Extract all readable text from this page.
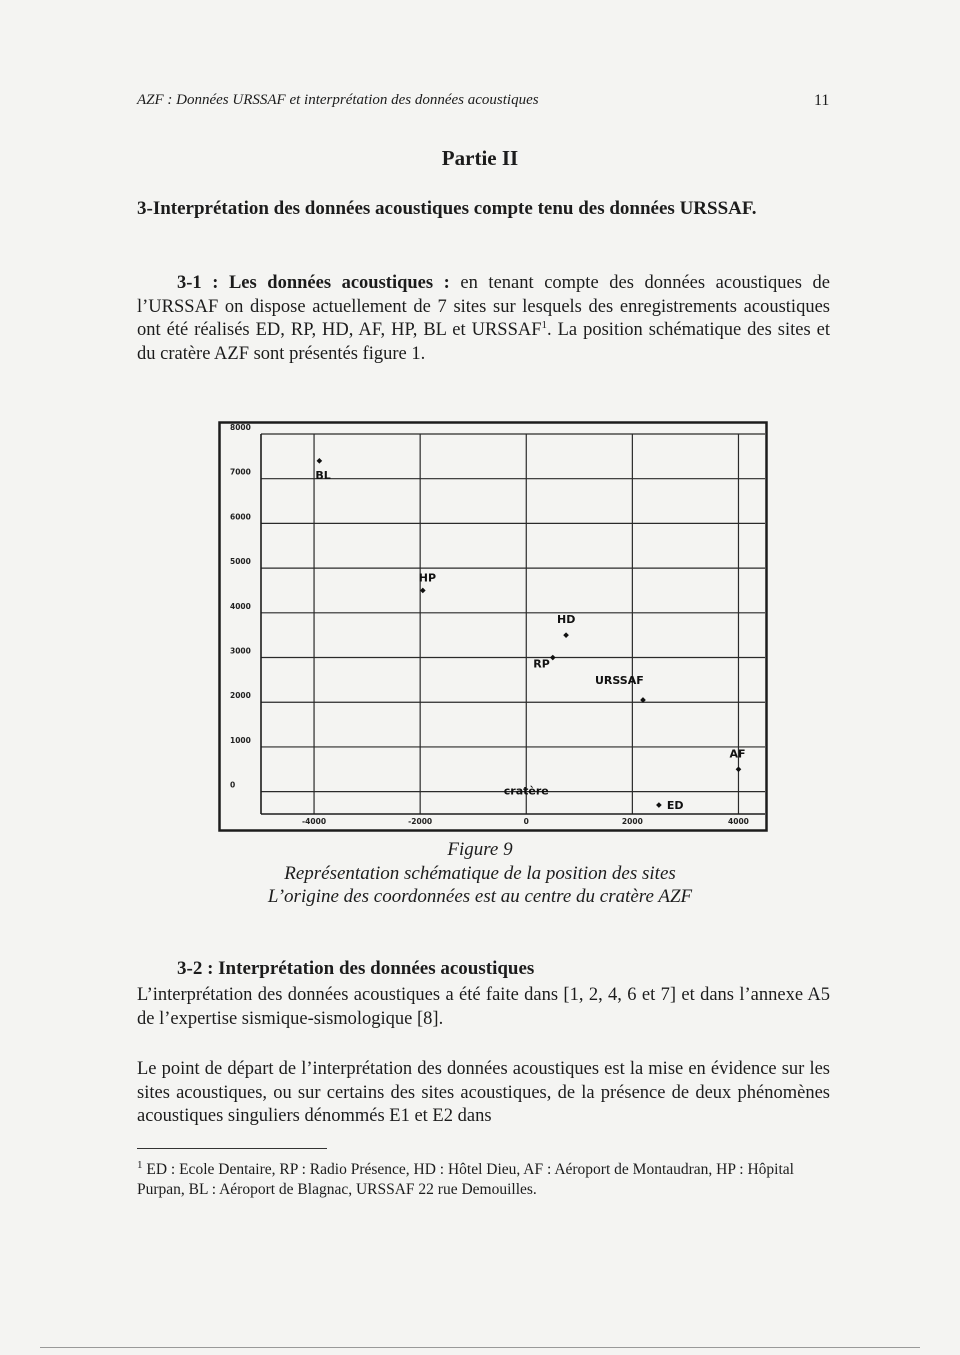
AZF : Données URSSAF et interprétation des données acoustiques	11
Partie II
3-Interprétation des données acoustiques compte tenu des données URSSAF.
3-1 : Les données acoustiques : en tenant compte des données acoustiques de l’URSSAF on dispose actuellement de 7 sites sur lesquels des enregistrements acoustiques ont été réalisés ED, RP, HD, AF, HP, BL et URSSAF$^1$. La position schématique des sites et du cratère AZF sont présentés figure 1.
0
1000
2000
3000
4000
5000
6000
7000
8000
-4000	-2000	0	2000	4000
BL
HP
HD
RP
URSSAF
AF
cratère
ED
Figure 9
Représentation schématique de la position des sites
L’origine des coordonnées est au centre du cratère AZF
3-2 : Interprétation des données acoustiques
L’interprétation des données acoustiques a été faite dans [1, 2, 4, 6 et 7] et dans l’annexe A5 de l’expertise sismique-sismologique [8].
Le point de départ de l’interprétation des données acoustiques est la mise en évidence sur les sites acoustiques, ou sur certains des sites acoustiques, de la présence de deux phénomènes acoustiques singuliers dénommés E1 et E2 dans
$^1$ ED : Ecole Dentaire, RP : Radio Présence, HD : Hôtel Dieu, AF : Aéroport de Montaudran, HP : Hôpital Purpan, BL : Aéroport de Blagnac, URSSAF 22 rue Demouilles.
